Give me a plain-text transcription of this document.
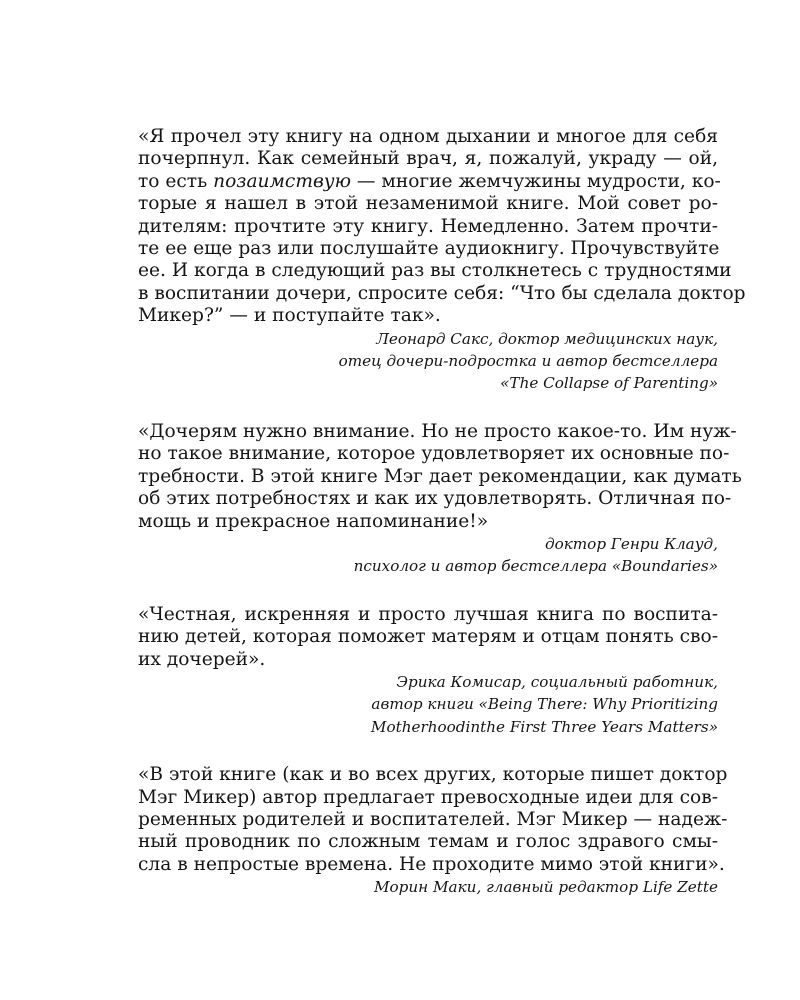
«Я прочел эту книгу на одном дыхании и многое для себя
почерпнул. Как семейный врач, я, пожалуй, украду — ой,
то есть позаимствую — многие жемчужины мудрости, ко-
торые я нашел в этой незаменимой книге. Мой совет ро-
дителям: прочтите эту книгу. Немедленно. Затем прочти-
те ее еще раз или послушайте аудиокнигу. Прочувствуйте
ее. И когда в следующий раз вы столкнетесь с трудностями
в воспитании дочери, спросите себя: “Что бы сделала доктор
Микер?” — и поступайте так».

Леонард Сакс, доктор медицинских наук,
отец дочери-подростка и автор бестселлера
«The Collapse of Parenting»

«Дочерям нужно внимание. Но не просто какое-то. Им нуж-
но такое внимание, которое удовлетворяет их основные по-
требности. В этой книге Мэг дает рекомендации, как думать
об этих потребностях и как их удовлетворять. Отличная по-
мощь и прекрасное напоминание!»

доктор Генри Клауд,
психолог и автор бестселлера «Boundaries»

«Честная, искренняя и просто лучшая книга по воспита-
нию детей, которая поможет матерям и отцам понять сво-
их дочерей».

Эрика Комисар, социальный работник,
автор книги «Being There: Why Prioritizing
Motherhoodinthe First Three Years Matters»

«В этой книге (как и во всех других, которые пишет доктор
Мэг Микер) автор предлагает превосходные идеи для сов-
ременных родителей и воспитателей. Мэг Микер — надеж-
ный проводник по сложным темам и голос здравого смы-
сла в непростые времена. Не проходите мимо этой книги».

Морин Маки, главный редактор Life Zette
